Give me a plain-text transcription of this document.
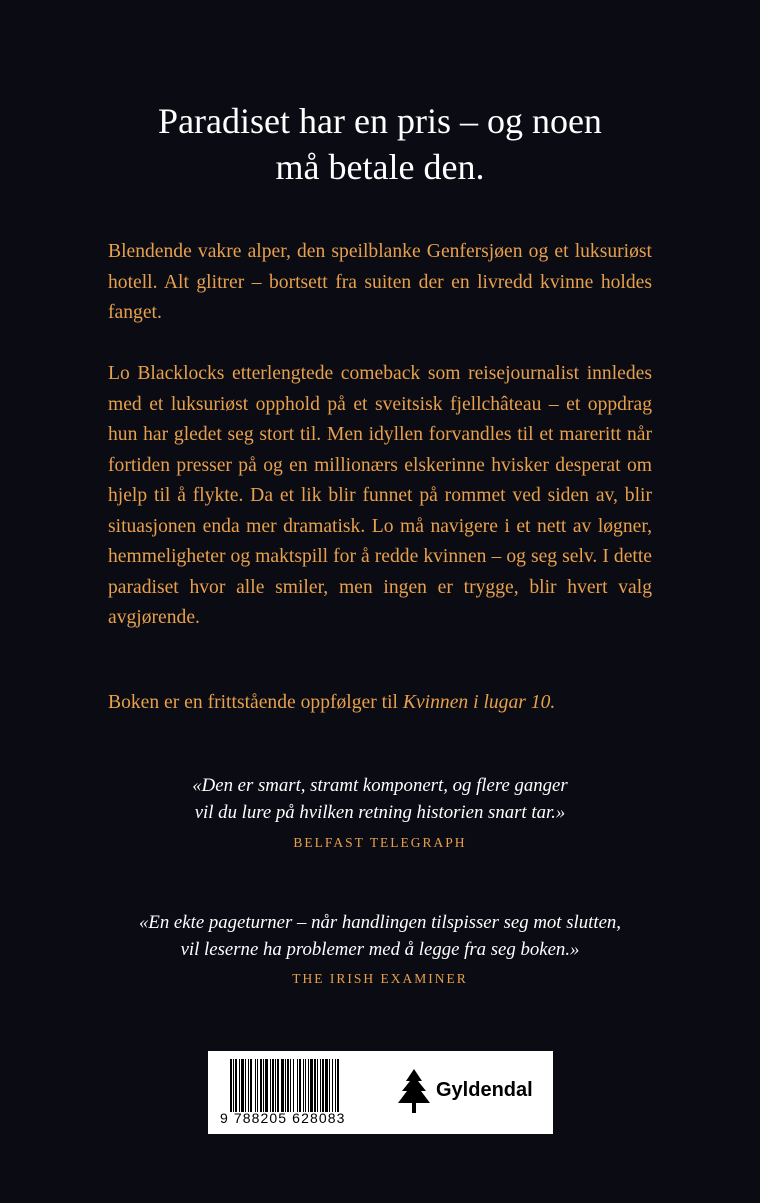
Paradiset har en pris – og noen
må betale den.

Blendende vakre alper, den speilblanke Genfersjøen og et luksuriøst hotell. Alt glitrer – bortsett fra suiten der en livredd kvinne holdes fanget.

Lo Blacklocks etterlengtede comeback som reisejournalist innledes med et luksuriøst opphold på et sveitsisk fjellchâteau – et oppdrag hun har gledet seg stort til. Men idyllen forvandles til et mareritt når fortiden presser på og en millionærs elskerinne hvisker desperat om hjelp til å flykte. Da et lik blir funnet på rommet ved siden av, blir situasjonen enda mer dramatisk. Lo må navigere i et nett av løgner, hemmeligheter og maktspill for å redde kvinnen – og seg selv. I dette paradiset hvor alle smiler, men ingen er trygge, blir hvert valg avgjørende.

Boken er en frittstående oppfølger til Kvinnen i lugar 10.

«Den er smart, stramt komponert, og flere ganger
vil du lure på hvilken retning historien snart tar.»

BELFAST TELEGRAPH

«En ekte pageturner – når handlingen tilspisser seg mot slutten,
vil leserne ha problemer med å legge fra seg boken.»

THE IRISH EXAMINER

9 788205 628083
Gyldendal
